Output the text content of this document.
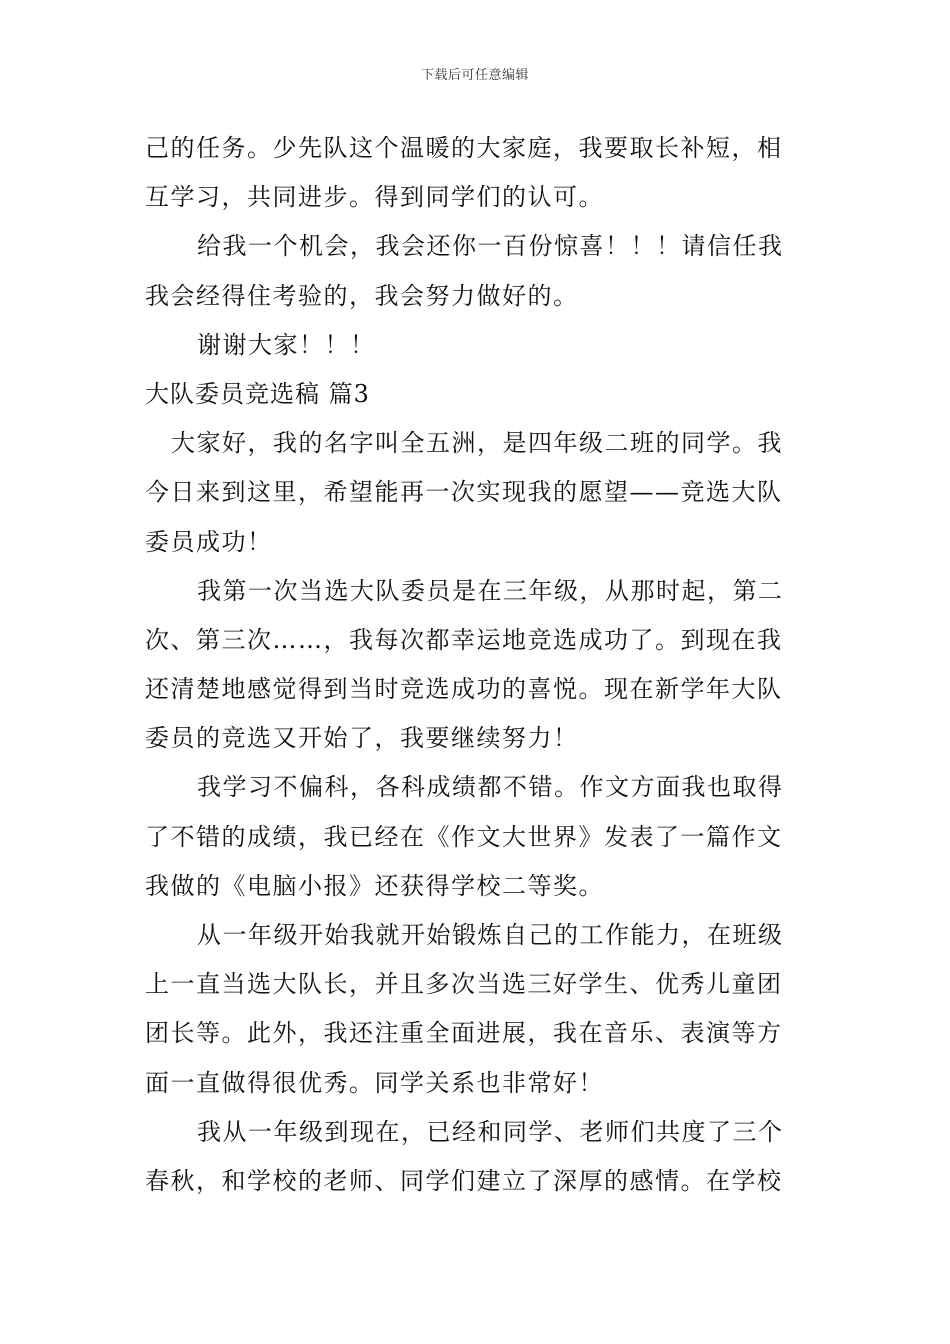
下载后可任意编辑
己的任务。少先队这个温暖的大家庭，我要取长补短，相
互学习，共同进步。得到同学们的认可。
给我一个机会，我会还你一百份惊喜！！！请信任我
我会经得住考验的，我会努力做好的。
谢谢大家！！！
大队委员竞选稿 篇3
大家好，我的名字叫全五洲，是四年级二班的同学。我
今日来到这里，希望能再一次实现我的愿望——竞选大队
委员成功！
我第一次当选大队委员是在三年级，从那时起，第二
次、第三次……，我每次都幸运地竞选成功了。到现在我
还清楚地感觉得到当时竞选成功的喜悦。现在新学年大队
委员的竞选又开始了，我要继续努力！
我学习不偏科，各科成绩都不错。作文方面我也取得
了不错的成绩，我已经在《作文大世界》发表了一篇作文
我做的《电脑小报》还获得学校二等奖。
从一年级开始我就开始锻炼自己的工作能力，在班级
上一直当选大队长，并且多次当选三好学生、优秀儿童团
团长等。此外，我还注重全面进展，我在音乐、表演等方
面一直做得很优秀。同学关系也非常好！
我从一年级到现在，已经和同学、老师们共度了三个
春秋，和学校的老师、同学们建立了深厚的感情。在学校
